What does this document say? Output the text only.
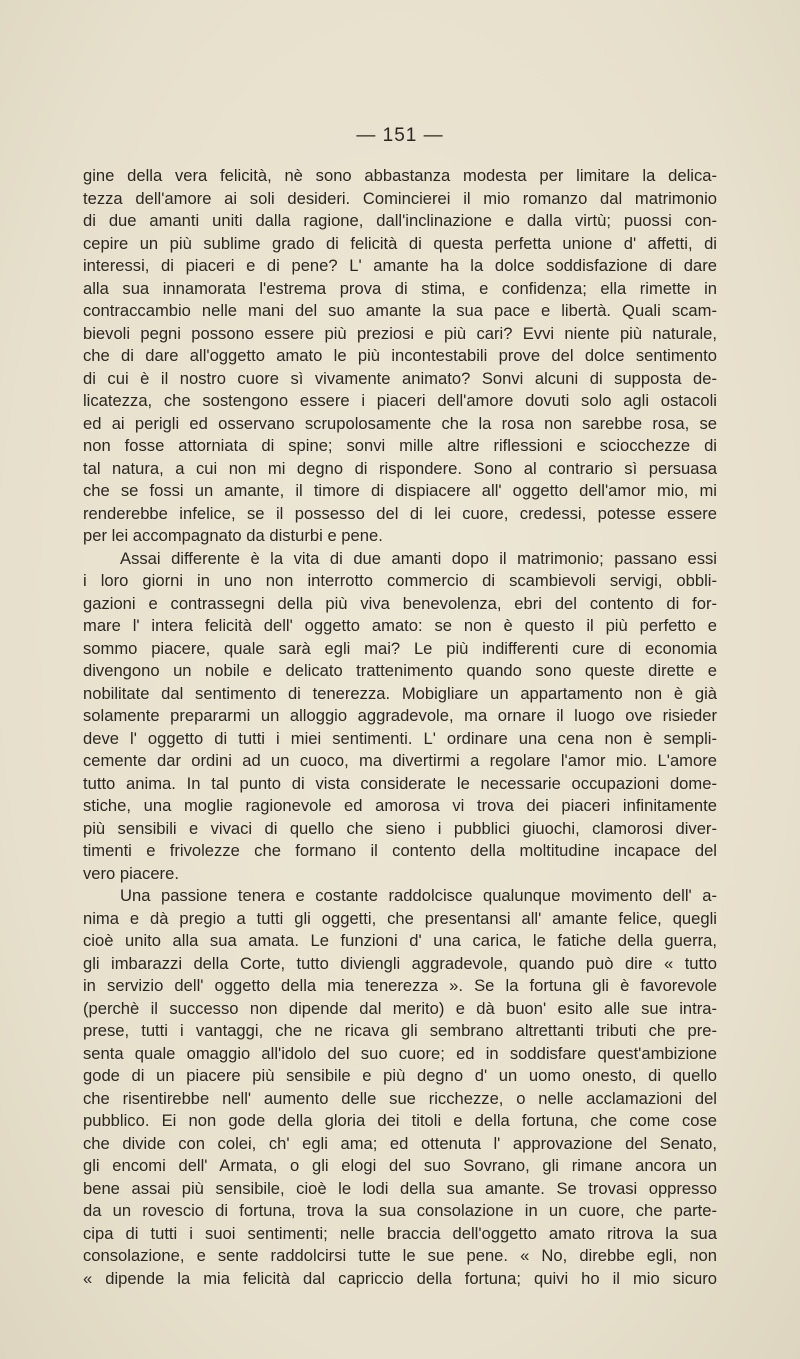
— 151 —
gine della vera felicità, nè sono abbastanza modesta per limitare la delica-
tezza dell'amore ai soli desideri. Comincierei il mio romanzo dal matrimonio
di due amanti uniti dalla ragione, dall'inclinazione e dalla virtù; puossi con-
cepire un più sublime grado di felicità di questa perfetta unione d' affetti, di
interessi, di piaceri e di pene? L' amante ha la dolce soddisfazione di dare
alla sua innamorata l'estrema prova di stima, e confidenza; ella rimette in
contraccambio nelle mani del suo amante la sua pace e libertà. Quali scam-
bievoli pegni possono essere più preziosi e più cari? Evvi niente più naturale,
che di dare all'oggetto amato le più incontestabili prove del dolce sentimento
di cui è il nostro cuore sì vivamente animato? Sonvi alcuni di supposta de-
licatezza, che sostengono essere i piaceri dell'amore dovuti solo agli ostacoli
ed ai perigli ed osservano scrupolosamente che la rosa non sarebbe rosa, se
non fosse attorniata di spine; sonvi mille altre riflessioni e sciocchezze di
tal natura, a cui non mi degno di rispondere. Sono al contrario sì persuasa
che se fossi un amante, il timore di dispiacere all' oggetto dell'amor mio, mi
renderebbe infelice, se il possesso del di lei cuore, credessi, potesse essere
per lei accompagnato da disturbi e pene.
Assai differente è la vita di due amanti dopo il matrimonio; passano essi
i loro giorni in uno non interrotto commercio di scambievoli servigi, obbli-
gazioni e contrassegni della più viva benevolenza, ebri del contento di for-
mare l' intera felicità dell' oggetto amato: se non è questo il più perfetto e
sommo piacere, quale sarà egli mai? Le più indifferenti cure di economia
divengono un nobile e delicato trattenimento quando sono queste dirette e
nobilitate dal sentimento di tenerezza. Mobigliare un appartamento non è già
solamente prepararmi un alloggio aggradevole, ma ornare il luogo ove risieder
deve l' oggetto di tutti i miei sentimenti. L' ordinare una cena non è sempli-
cemente dar ordini ad un cuoco, ma divertirmi a regolare l'amor mio. L'amore
tutto anima. In tal punto di vista considerate le necessarie occupazioni dome-
stiche, una moglie ragionevole ed amorosa vi trova dei piaceri infinitamente
più sensibili e vivaci di quello che sieno i pubblici giuochi, clamorosi diver-
timenti e frivolezze che formano il contento della moltitudine incapace del
vero piacere.
Una passione tenera e costante raddolcisce qualunque movimento dell' a-
nima e dà pregio a tutti gli oggetti, che presentansi all' amante felice, quegli
cioè unito alla sua amata. Le funzioni d' una carica, le fatiche della guerra,
gli imbarazzi della Corte, tutto diviengli aggradevole, quando può dire « tutto
in servizio dell' oggetto della mia tenerezza ». Se la fortuna gli è favorevole
(perchè il successo non dipende dal merito) e dà buon' esito alle sue intra-
prese, tutti i vantaggi, che ne ricava gli sembrano altrettanti tributi che pre-
senta quale omaggio all'idolo del suo cuore; ed in soddisfare quest'ambizione
gode di un piacere più sensibile e più degno d' un uomo onesto, di quello
che risentirebbe nell' aumento delle sue ricchezze, o nelle acclamazioni del
pubblico. Ei non gode della gloria dei titoli e della fortuna, che come cose
che divide con colei, ch' egli ama; ed ottenuta l' approvazione del Senato,
gli encomi dell' Armata, o gli elogi del suo Sovrano, gli rimane ancora un
bene assai più sensibile, cioè le lodi della sua amante. Se trovasi oppresso
da un rovescio di fortuna, trova la sua consolazione in un cuore, che parte-
cipa di tutti i suoi sentimenti; nelle braccia dell'oggetto amato ritrova la sua
consolazione, e sente raddolcirsi tutte le sue pene. « No, direbbe egli, non
« dipende la mia felicità dal capriccio della fortuna; quivi ho il mio sicuro
